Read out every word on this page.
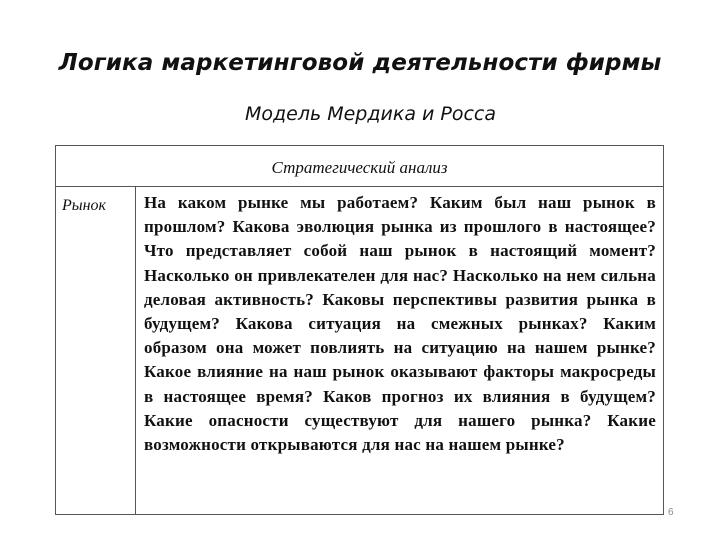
Логика маркетинговой деятельности фирмы
Модель Мердика и Росса
Стратегический анализ
Рынок	На каком рынке мы работаем? Каким был наш рынок в прошлом? Какова эволюция рынка из прошлого в настоящее? Что представляет собой наш рынок в настоящий момент? Насколько он привлекателен для нас? Насколько на нем сильна деловая активность? Каковы перспективы развития рынка в будущем? Какова ситуация на смежных рынках? Каким образом она может повлиять на ситуацию на нашем рынке? Какое влияние на наш рынок оказывают факторы макросреды в настоящее время? Каков прогноз их влияния в будущем? Какие опасности существуют для нашего рынка? Какие возможности открываются для нас на нашем рынке?
6
